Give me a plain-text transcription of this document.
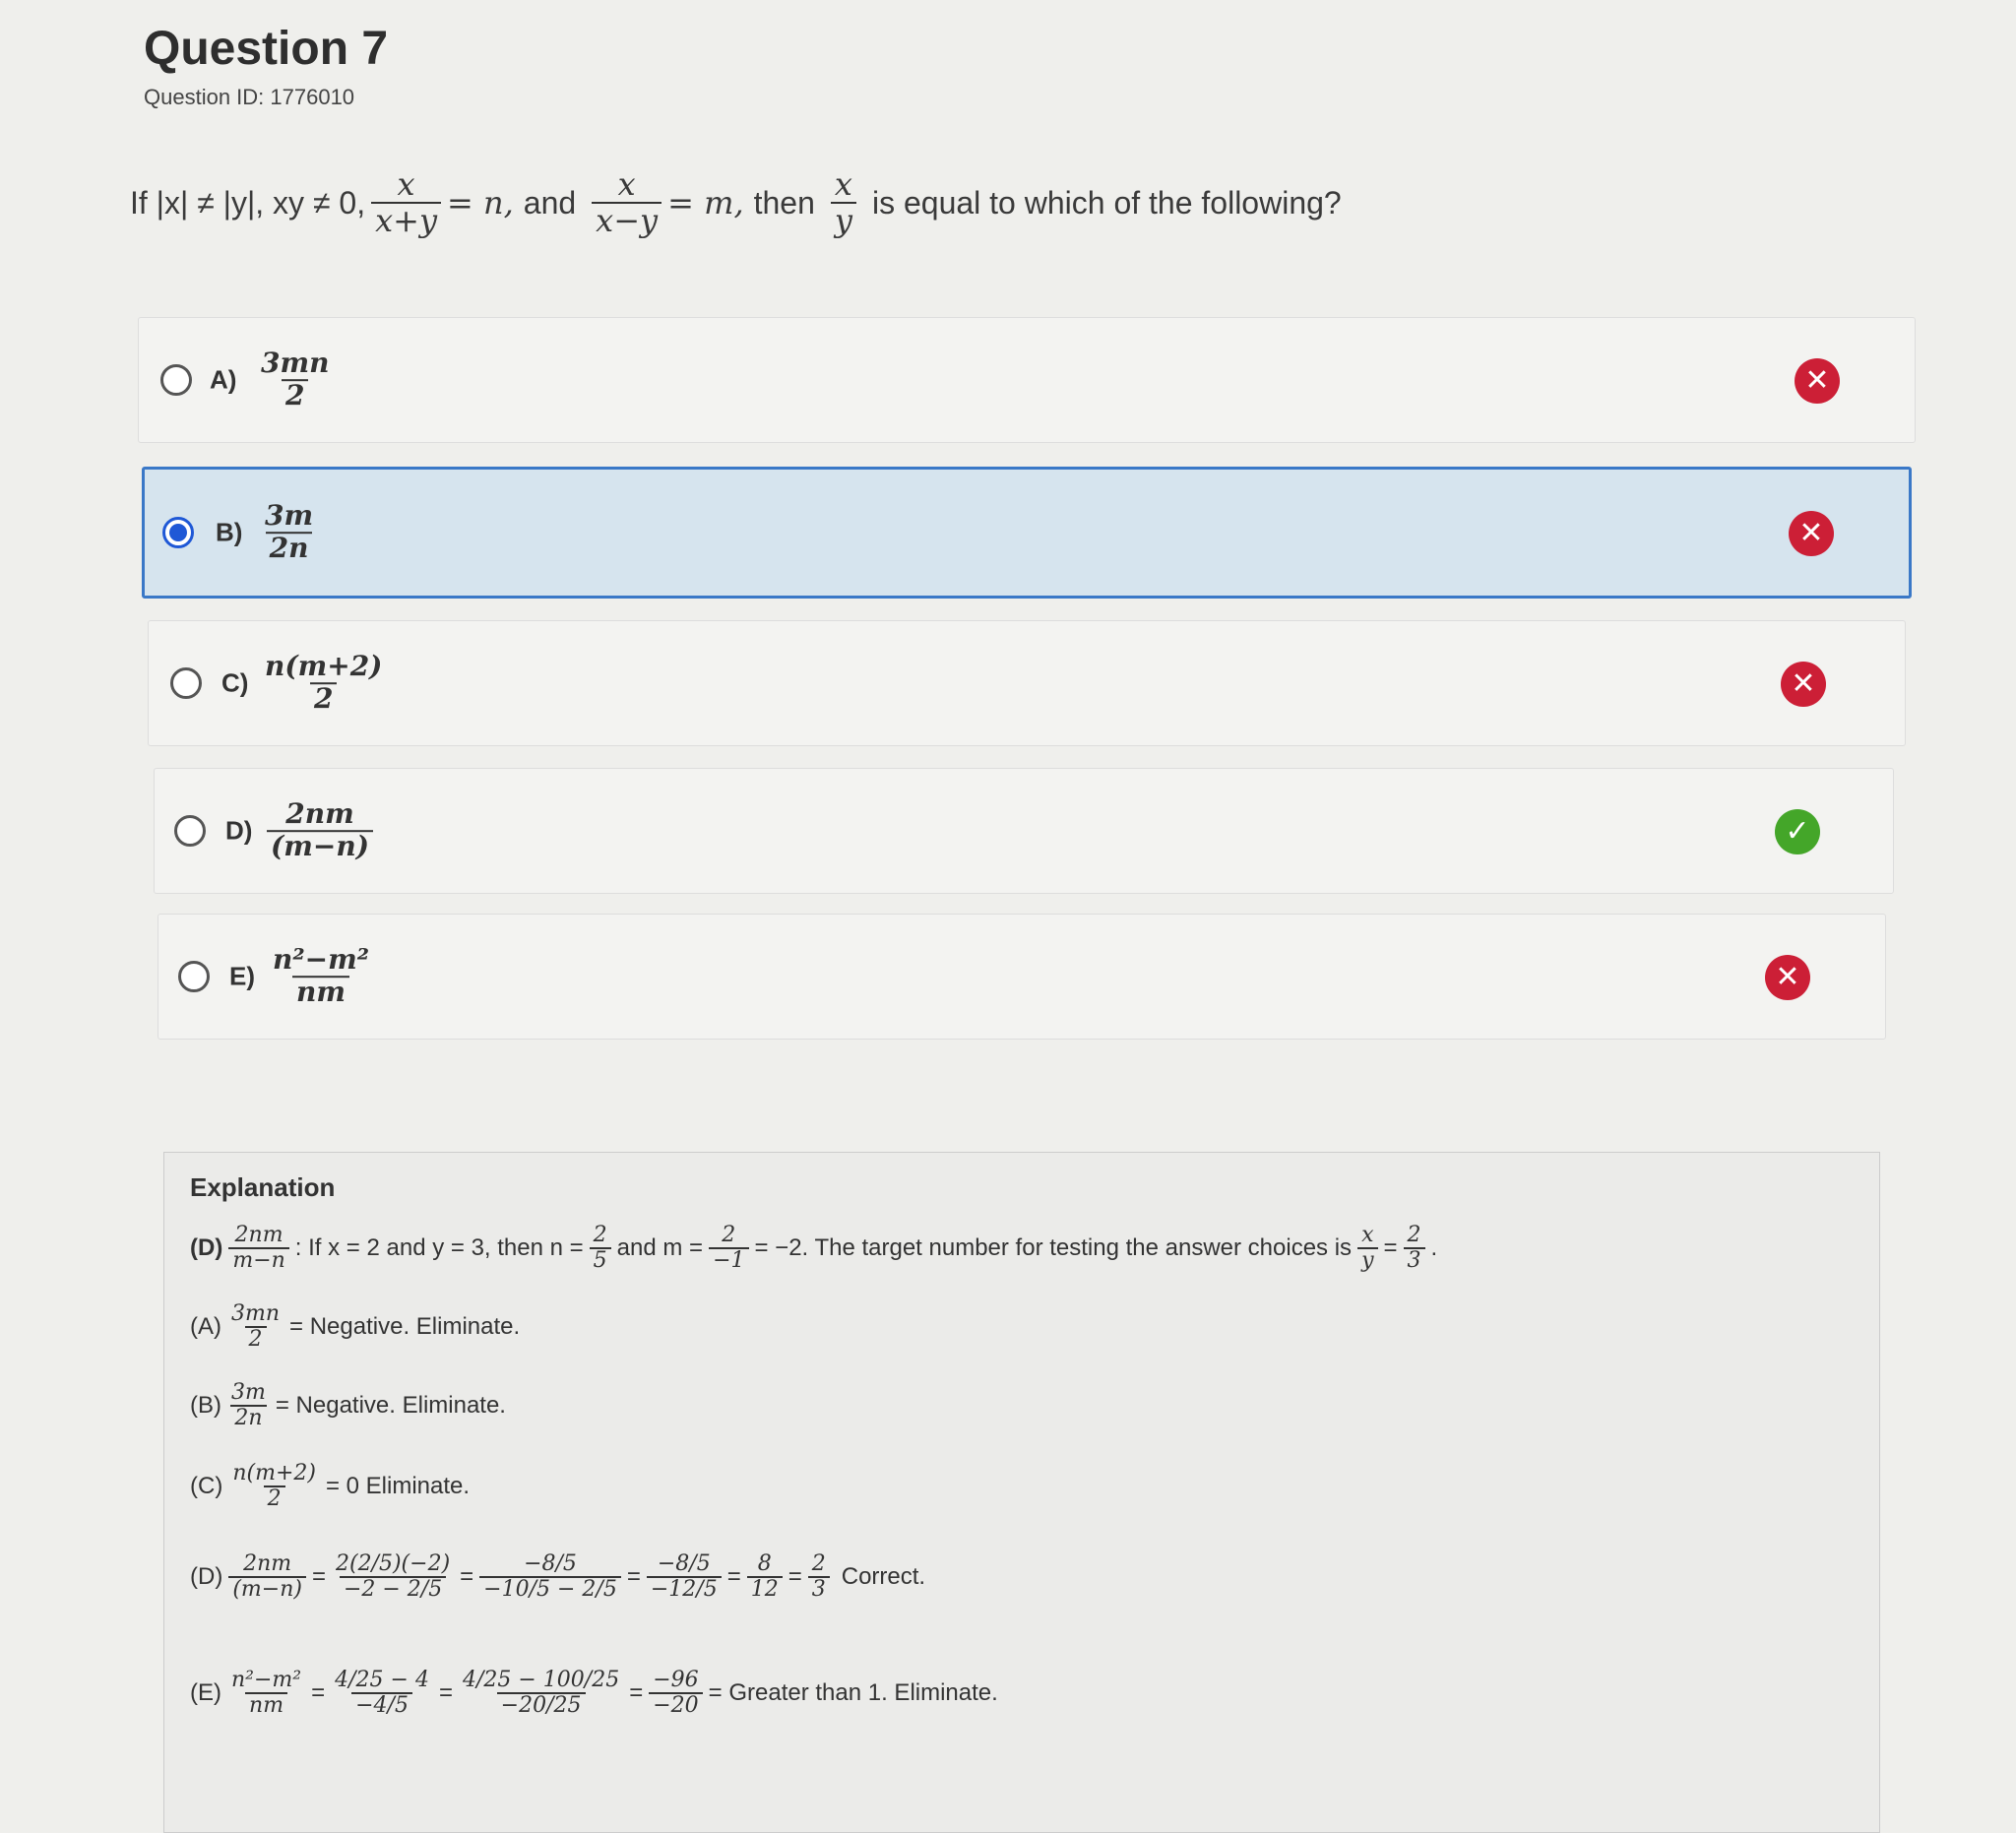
Question 7
Question ID: 1776010
If |x| ≠ |y|, xy ≠ 0, $\frac{x}{x+y} = n$, and $\frac{x}{x-y} = m$, then $\frac{x}{y}$ is equal to which of the following?
$A) \frac{3mn}{2}$	✕
$B) \frac{3m}{2n}$	✕
$C) \frac{n(m+2)}{2}$	✕
$D) \frac{2nm}{(m-n)}$	✓
$E) \frac{\text{n²−m²}}{nm}$	✕
Explanation
$(D) \frac{2nm}{m-n}$ : If x = 2 and y = 3, then $n = \frac{2}{5}$ and $m = \frac{2}{-1} = -2$. The target number for testing the answer choices is $\frac{x}{y} = \frac{2}{3}$ .
$(A) \frac{3mn}{2}$ = Negative. Eliminate.
$(B) \frac{3m}{2n}$ = Negative. Eliminate.
$(C) \frac{n(m+2)}{2} = 0$ Eliminate.
$(D) \frac{2nm}{(m-n)} = \frac{2(2/5)(-2)}{-2 - 2/5} = \frac{-8/5}{-10/5 - 2/5} = \frac{-8/5}{-12/5} = \frac{8}{12} = \frac{2}{3}$ Correct.
$(E) \frac{\text{n²−m²}}{nm} = \frac{4/25 - 4}{-4/5} = \frac{4/25 - 100/25}{-20/25} = \frac{-96}{-20}$ = Greater than 1. Eliminate.
